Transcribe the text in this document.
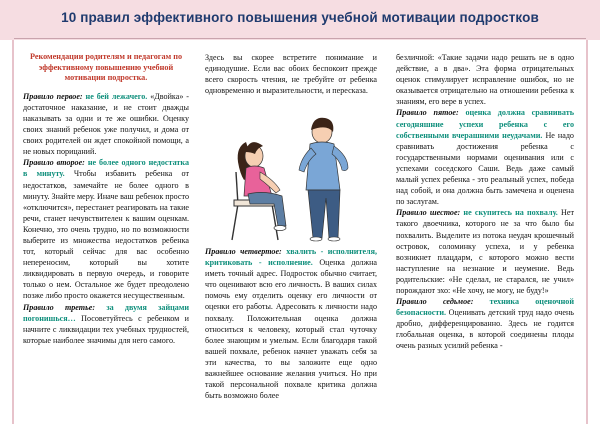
10 правил эффективного повышения учебной мотивации подростков

Рекомендации родителям и педагогам по эффективному повышению учебной мотивации подростка.

Правило первое: не бей лежачего. «Двойка» - достаточное наказание, и не стоит дважды наказывать за одни и те же ошибки. Оценку своих знаний ребенок уже получил, и дома от своих родителей он ждет спокойной помощи, а не новых порицаний.

Правило второе: не более одного недостатка в минуту. Чтобы избавить ребенка от недостатков, замечайте не более одного в минуту. Знайте меру. Иначе ваш ребенок просто «отключится», перестанет реагировать на такие речи, станет нечувствителен к вашим оценкам. Конечно, это очень трудно, но по возможности выберите из множества недостатков ребенка тот, который сейчас для вас особенно непереносим, который вы хотите ликвидировать в первую очередь, и говорите только о нем. Остальное же будет преодолено позже либо просто окажется несущественным.

Правило третье: за двумя зайцами погонишься… Посоветуйтесь с ребенком и начните с ликвидации тех учебных трудностей, которые наиболее значимы для него самого.

Здесь вы скорее встретите понимание и единодушие. Если вас обоих беспокоит прежде всего скорость чтения, не требуйте от ребенка одновременно и выразительности, и пересказа.

Правило четвертое: хвалить - исполнителя, критиковать - исполнение. Оценка должна иметь точный адрес. Подросток обычно считает, что оценивают всю его личность. В ваших силах помочь ему отделить оценку его личности от оценки его работы. Адресовать к личности надо похвалу. Положительная оценка должна относиться к человеку, который стал чуточку более знающим и умелым. Если благодаря такой вашей похвале, ребенок начнет уважать себя за эти качества, то вы заложите еще одно важнейшее основание желания учиться. Но при такой персональной похвале критика должна быть возможно более

безличной: «Такие задачи надо решать не в одно действие, а в два». Эта форма отрицательных оценок стимулирует исправление ошибок, но не оказывается отрицательно на отношении ребенка к знаниям, его вере в успех.

Правило пятое: оценка должна сравнивать сегодняшние успехи ребенка с его собственными вчерашними неудачами. Не надо сравнивать достижения ребенка с государственными нормами оценивания или с успехами соседского Саши. Ведь даже самый малый успех ребенка - это реальный успех, победа над собой, и она должна быть замечена и оценена по заслугам.

Правило шестое: не скупитесь на похвалу. Нет такого двоечника, которого не за что было бы похвалить. Выделите из потока неудач крошечный островок, соломинку успеха, и у ребенка возникнет плацдарм, с которого можно вести наступление на незнание и неумение. Ведь родительские: «Не сделал, не старался, не учил» порождают эхо: «Не хочу, не могу, не буду!»

Правило седьмое: техника оценочной безопасности. Оценивать детский труд надо очень дробно, дифференцированно. Здесь не годится глобальная оценка, в которой соединены плоды очень разных усилий ребенка -
